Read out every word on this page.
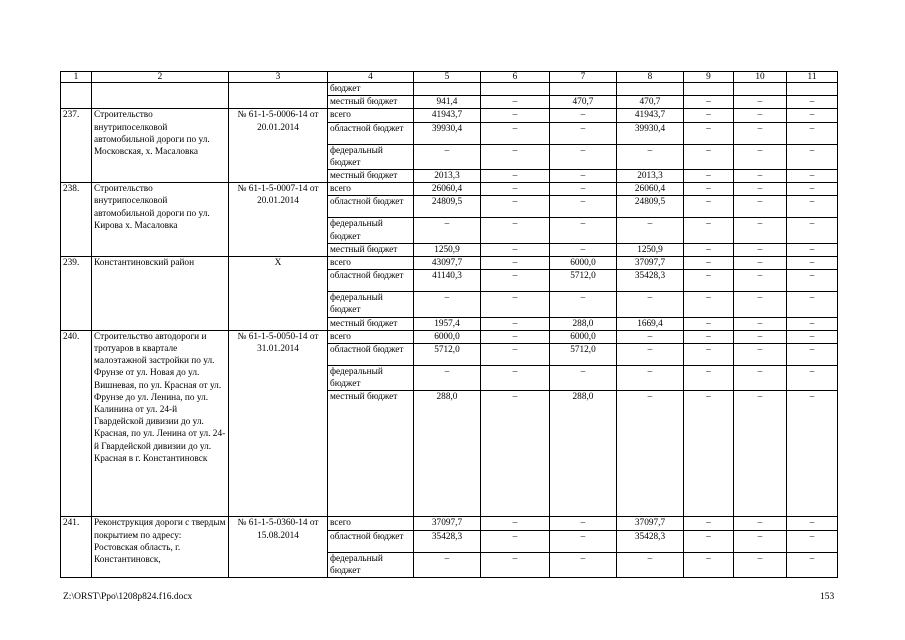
1	2	3	4	5	6	7	8	9	10	11
			бюджет							
			местный бюджет	941,4	–	470,7	470,7	–	–	–
237.	Строительство внутрипоселковой автомобильной дороги по ул. Московская, х. Масаловка	№ 61-1-5-0006-14 от 20.01.2014	всего	41943,7	–	–	41943,7	–	–	–
			областной бюджет	39930,4	–	–	39930,4	–	–	–
			федеральный бюджет	–	–	–	–	–	–	–
			местный бюджет	2013,3	–	–	2013,3	–	–	–
238.	Строительство внутрипоселковой автомобильной дороги по ул. Кирова х. Масаловка	№ 61-1-5-0007-14 от 20.01.2014	всего	26060,4	–	–	26060,4	–	–	–
			областной бюджет	24809,5	–	–	24809,5	–	–	–
			федеральный бюджет	–	–	–	–	–	–	–
			местный бюджет	1250,9	–	–	1250,9	–	–	–
239.	Константиновский район	Х	всего	43097,7	–	6000,0	37097,7	–	–	–
			областной бюджет	41140,3	–	5712,0	35428,3	–	–	–
			федеральный бюджет	–	–	–	–	–	–	–
			местный бюджет	1957,4	–	288,0	1669,4	–	–	–
240.	Строительство автодороги и тротуаров в квартале малоэтажной застройки по ул. Фрунзе от ул. Новая до ул. Вишневая, по ул. Красная от ул. Фрунзе до ул. Ленина, по ул. Калинина от ул. 24-й Гвардейской дивизии до ул. Красная, по ул. Ленина от ул. 24-й Гвардейской дивизии до ул. Красная в г. Константиновск	№ 61-1-5-0050-14 от 31.01.2014	всего	6000,0	–	6000,0	–	–	–	–
			областной бюджет	5712,0	–	5712,0	–	–	–	–
			федеральный бюджет	–	–	–	–	–	–	–
			местный бюджет	288,0	–	288,0	–	–	–	–
241.	Реконструкция дороги с твердым покрытием по адресу: Ростовская область, г. Константиновск,	№ 61-1-5-0360-14 от 15.08.2014	всего	37097,7	–	–	37097,7	–	–	–
			областной бюджет	35428,3	–	–	35428,3	–	–	–
			федеральный бюджет	–	–	–	–	–	–	–
Z:\ORST\Ppo\1208p824.f16.docx	153
